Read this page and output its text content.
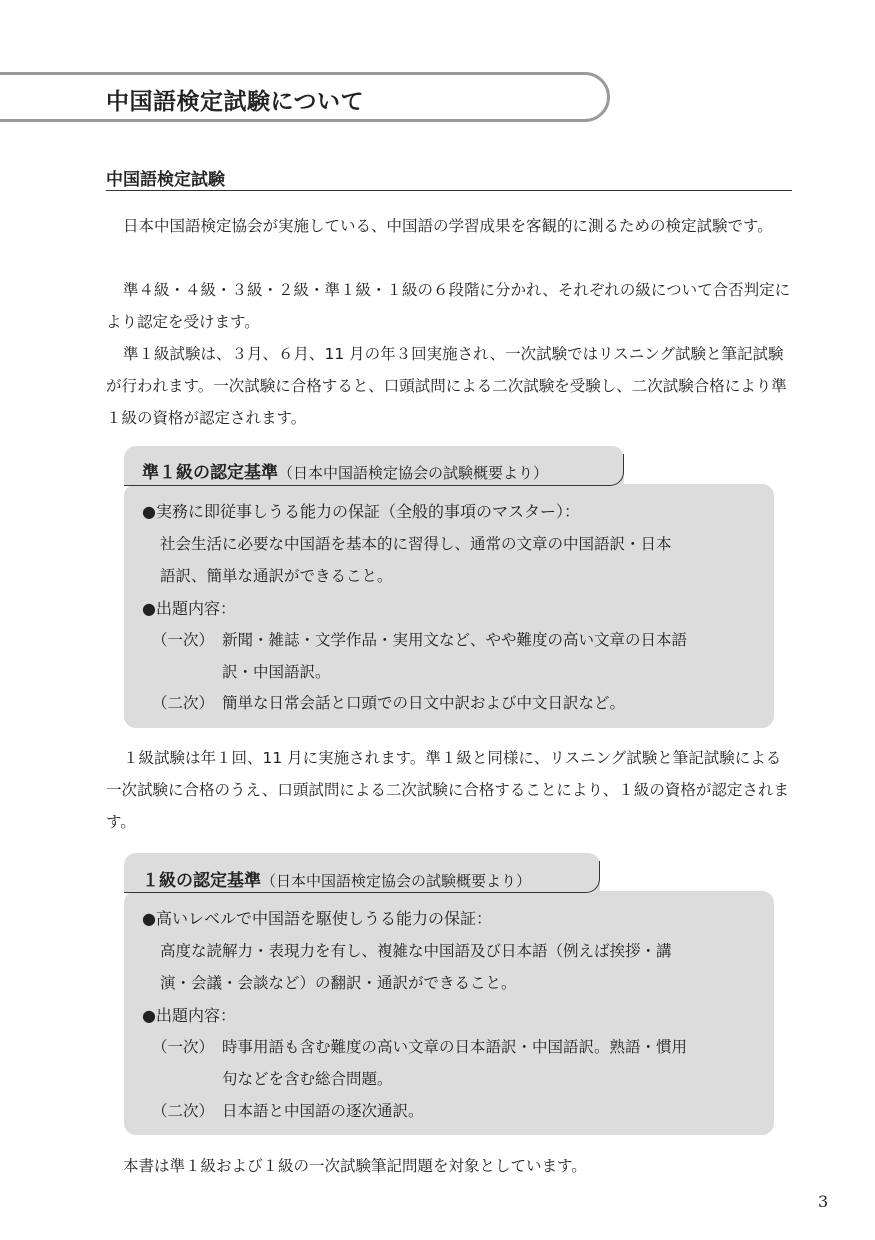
中国語検定試験について
中国語検定試験

日本中国語検定協会が実施している、中国語の学習成果を客観的に測るための検定試験です。

準４級・４級・３級・２級・準１級・１級の６段階に分かれ、それぞれの級について合否判定により認定を受けます。

準１級試験は、３月、６月、11 月の年３回実施され、一次試験ではリスニング試験と筆記試験が行われます。一次試験に合格すると、口頭試問による二次試験を受験し、二次試験合格により準１級の資格が認定されます。

準１級の認定基準（日本中国語検定協会の試験概要より）
●実務に即従事しうる能力の保証（全般的事項のマスター）：
社会生活に必要な中国語を基本的に習得し、通常の文章の中国語訳・日本
語訳、簡単な通訳ができること。
●出題内容：
（一次） 新聞・雑誌・文学作品・実用文など、やや難度の高い文章の日本語
訳・中国語訳。
（二次） 簡単な日常会話と口頭での日文中訳および中文日訳など。

１級試験は年１回、11 月に実施されます。準１級と同様に、リスニング試験と筆記試験による一次試験に合格のうえ、口頭試問による二次試験に合格することにより、１級の資格が認定されます。

１級の認定基準（日本中国語検定協会の試験概要より）
●高いレベルで中国語を駆使しうる能力の保証：
高度な読解力・表現力を有し、複雑な中国語及び日本語（例えば挨拶・講
演・会議・会談など）の翻訳・通訳ができること。
●出題内容：
（一次） 時事用語も含む難度の高い文章の日本語訳・中国語訳。熟語・慣用
句などを含む総合問題。
（二次） 日本語と中国語の逐次通訳。

本書は準１級および１級の一次試験筆記問題を対象としています。

3
